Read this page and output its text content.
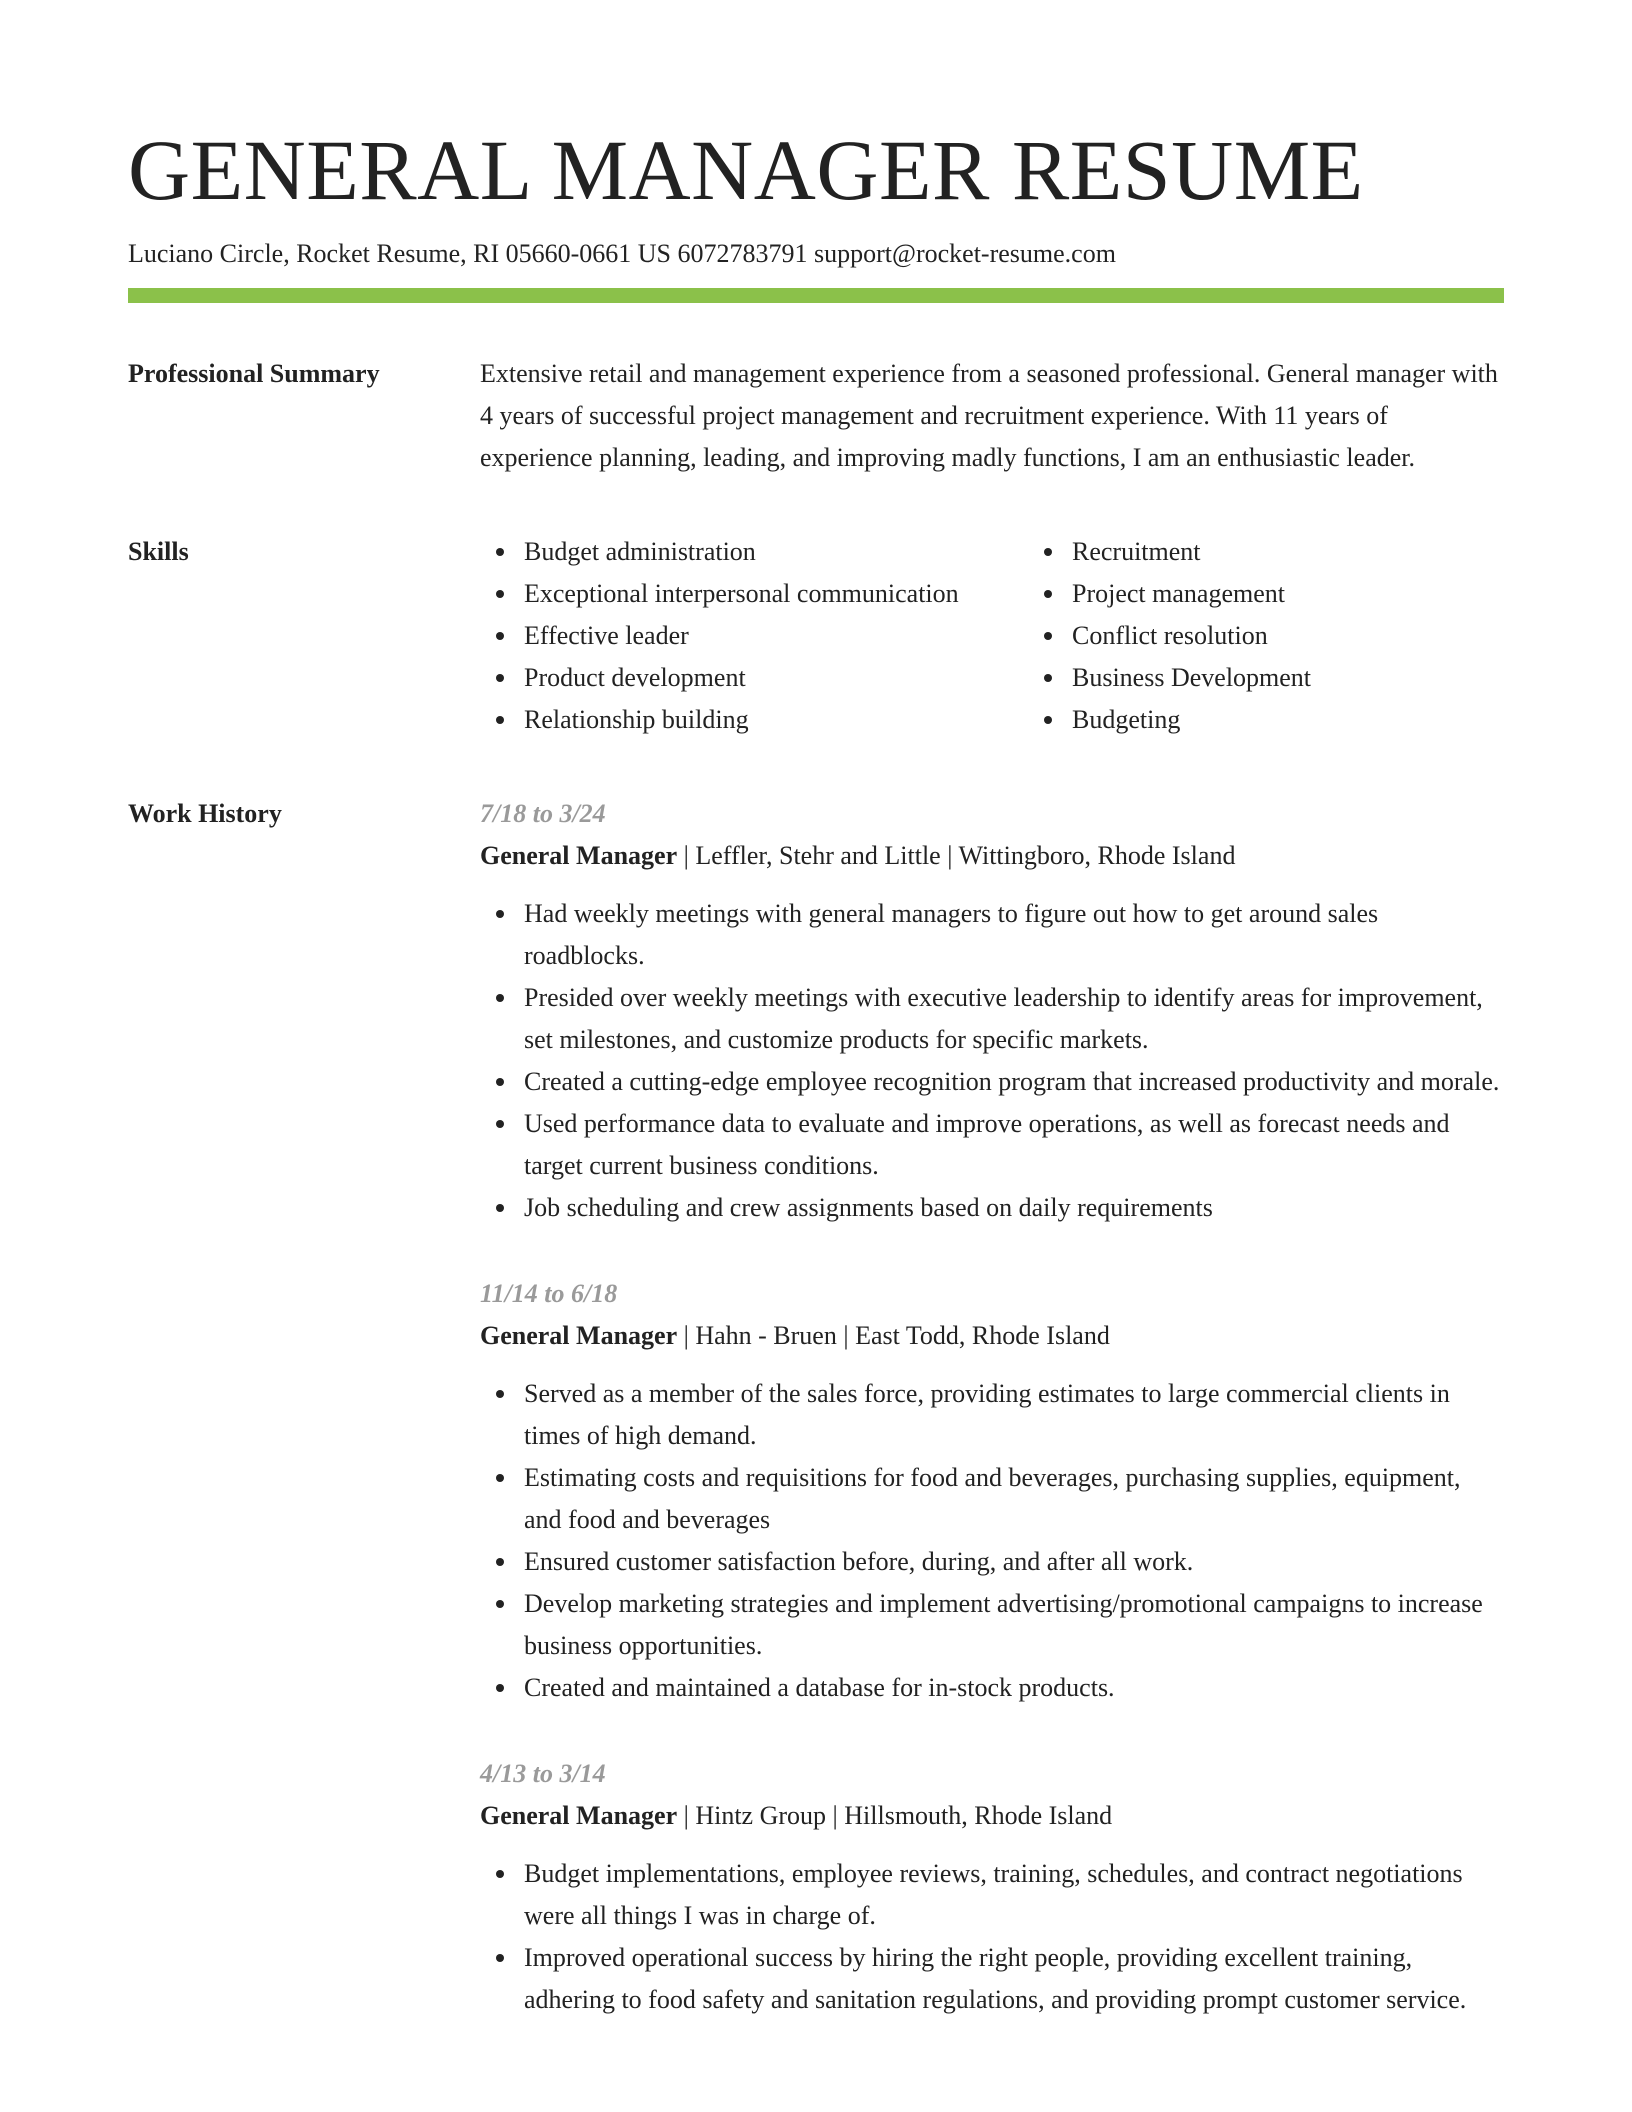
GENERAL MANAGER RESUME
Luciano Circle, Rocket Resume, RI 05660-0661 US 6072783791 support@rocket-resume.com
Professional Summary	Extensive retail and management experience from a seasoned professional. General manager with 4 years of successful project management and recruitment experience. With 11 years of experience planning, leading, and improving madly functions, I am an enthusiastic leader.

Skills	Budget administration
Exceptional interpersonal communication
Effective leader
Product development
Relationship building
Recruitment
Project management
Conflict resolution
Business Development
Budgeting
Work History	7/18 to 3/24
General Manager | Leffler, Stehr and Little | Wittingboro, Rhode Island
Had weekly meetings with general managers to figure out how to get around sales roadblocks.
Presided over weekly meetings with executive leadership to identify areas for improvement, set milestones, and customize products for specific markets.
Created a cutting-edge employee recognition program that increased productivity and morale.
Used performance data to evaluate and improve operations, as well as forecast needs and target current business conditions.
Job scheduling and crew assignments based on daily requirements
11/14 to 6/18
General Manager | Hahn - Bruen | East Todd, Rhode Island
Served as a member of the sales force, providing estimates to large commercial clients in times of high demand.
Estimating costs and requisitions for food and beverages, purchasing supplies, equipment, and food and beverages
Ensured customer satisfaction before, during, and after all work.
Develop marketing strategies and implement advertising/promotional campaigns to increase business opportunities.
Created and maintained a database for in-stock products.
4/13 to 3/14
General Manager | Hintz Group | Hillsmouth, Rhode Island
Budget implementations, employee reviews, training, schedules, and contract negotiations were all things I was in charge of.
Improved operational success by hiring the right people, providing excellent training, adhering to food safety and sanitation regulations, and providing prompt customer service.
